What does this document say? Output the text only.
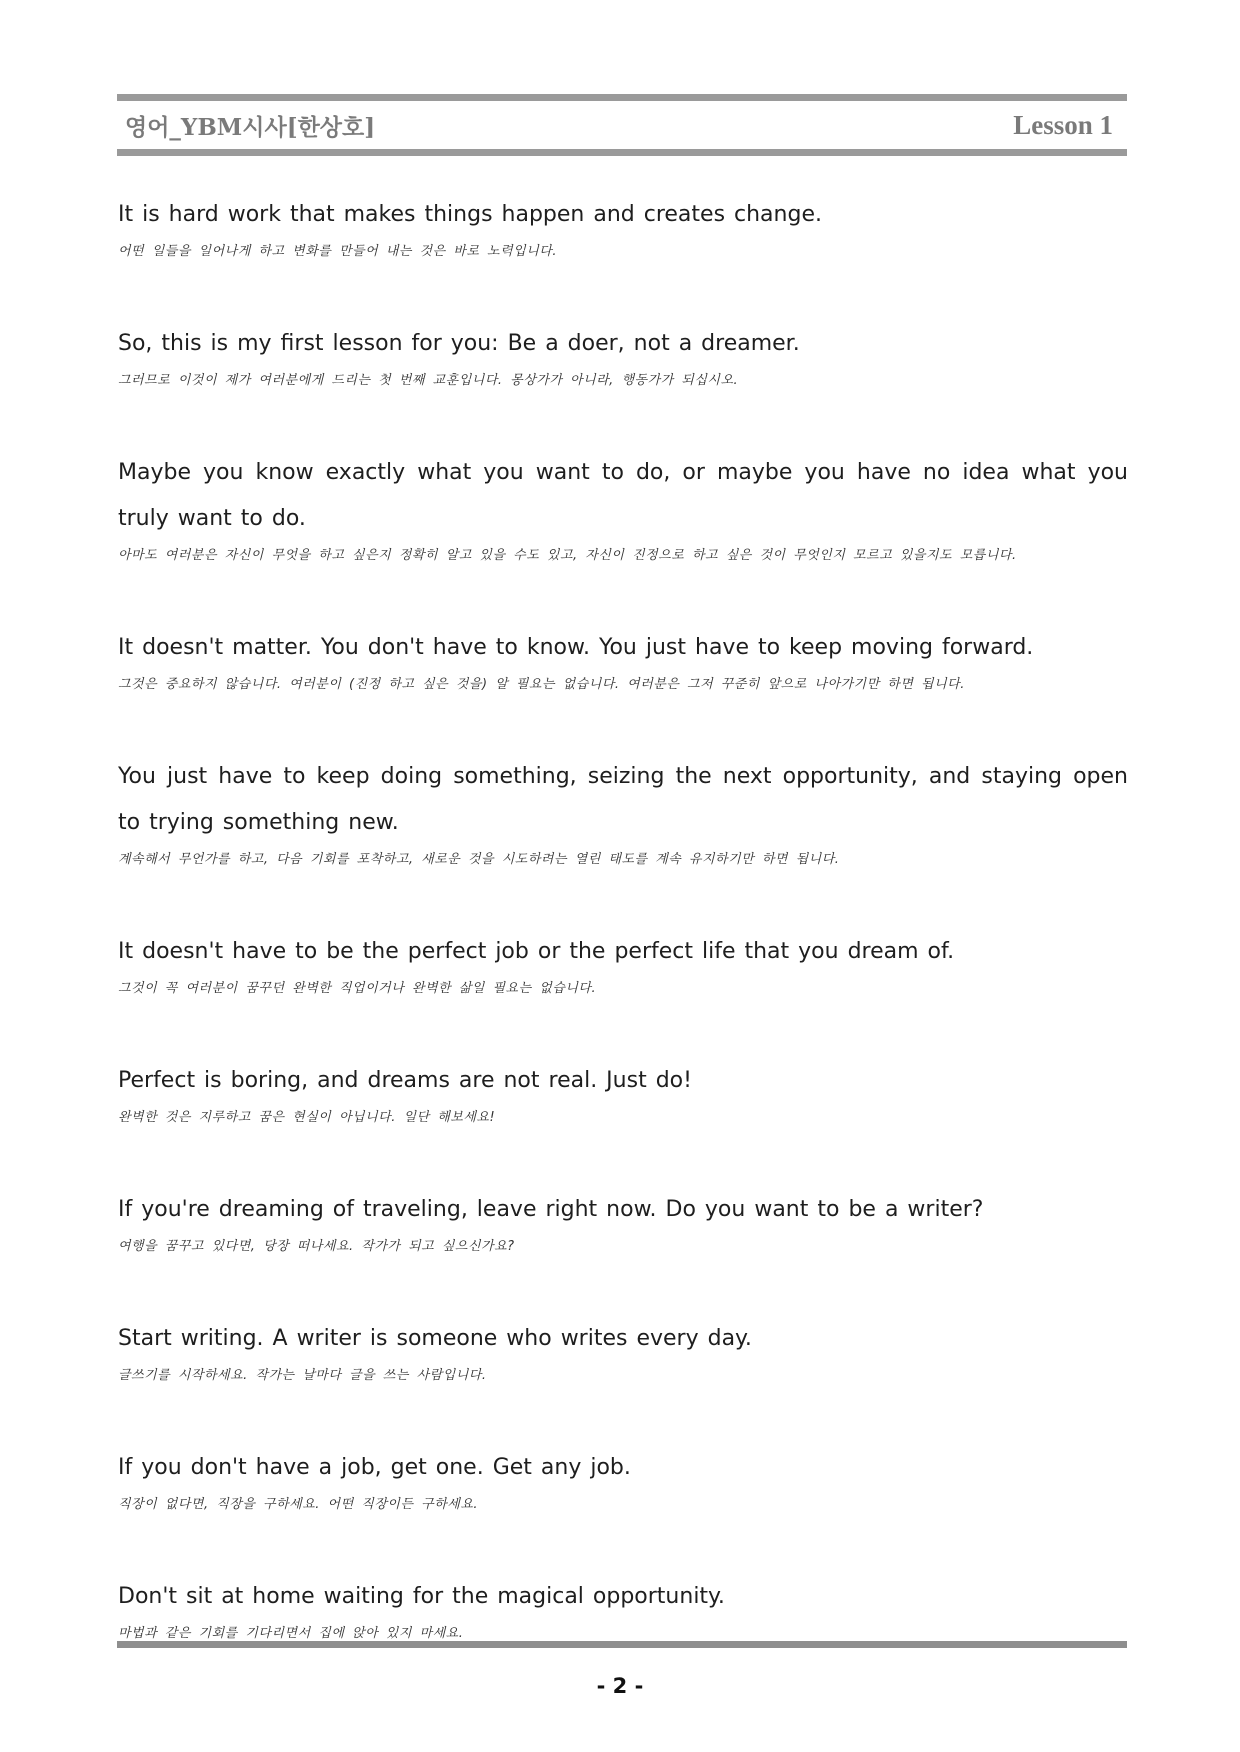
영어_YBM시사[한상호]	Lesson 1

It is hard work that makes things happen and creates change.

어떤 일들을 일어나게 하고 변화를 만들어 내는 것은 바로 노력입니다.

So, this is my first lesson for you: Be a doer, not a dreamer.

그러므로 이것이 제가 여러분에게 드리는 첫 번째 교훈입니다. 몽상가가 아니라, 행동가가 되십시오.

Maybe you know exactly what you want to do, or maybe you have no idea what you truly want to do.

아마도 여러분은 자신이 무엇을 하고 싶은지 정확히 알고 있을 수도 있고, 자신이 진정으로 하고 싶은 것이 무엇인지 모르고 있을지도 모릅니다.

It doesn't matter. You don't have to know. You just have to keep moving forward.

그것은 중요하지 않습니다. 여러분이 (진정 하고 싶은 것을) 알 필요는 없습니다. 여러분은 그저 꾸준히 앞으로 나아가기만 하면 됩니다.

You just have to keep doing something, seizing the next opportunity, and staying open to trying something new.

계속해서 무언가를 하고, 다음 기회를 포착하고, 새로운 것을 시도하려는 열린 태도를 계속 유지하기만 하면 됩니다.

It doesn't have to be the perfect job or the perfect life that you dream of.

그것이 꼭 여러분이 꿈꾸던 완벽한 직업이거나 완벽한 삶일 필요는 없습니다.

Perfect is boring, and dreams are not real. Just do!

완벽한 것은 지루하고 꿈은 현실이 아닙니다. 일단 해보세요!

If you're dreaming of traveling, leave right now. Do you want to be a writer?

여행을 꿈꾸고 있다면, 당장 떠나세요. 작가가 되고 싶으신가요?

Start writing. A writer is someone who writes every day.

글쓰기를 시작하세요. 작가는 날마다 글을 쓰는 사람입니다.

If you don't have a job, get one. Get any job.

직장이 없다면, 직장을 구하세요. 어떤 직장이든 구하세요.

Don't sit at home waiting for the magical opportunity.

마법과 같은 기회를 기다리면서 집에 앉아 있지 마세요.

- 2 -
